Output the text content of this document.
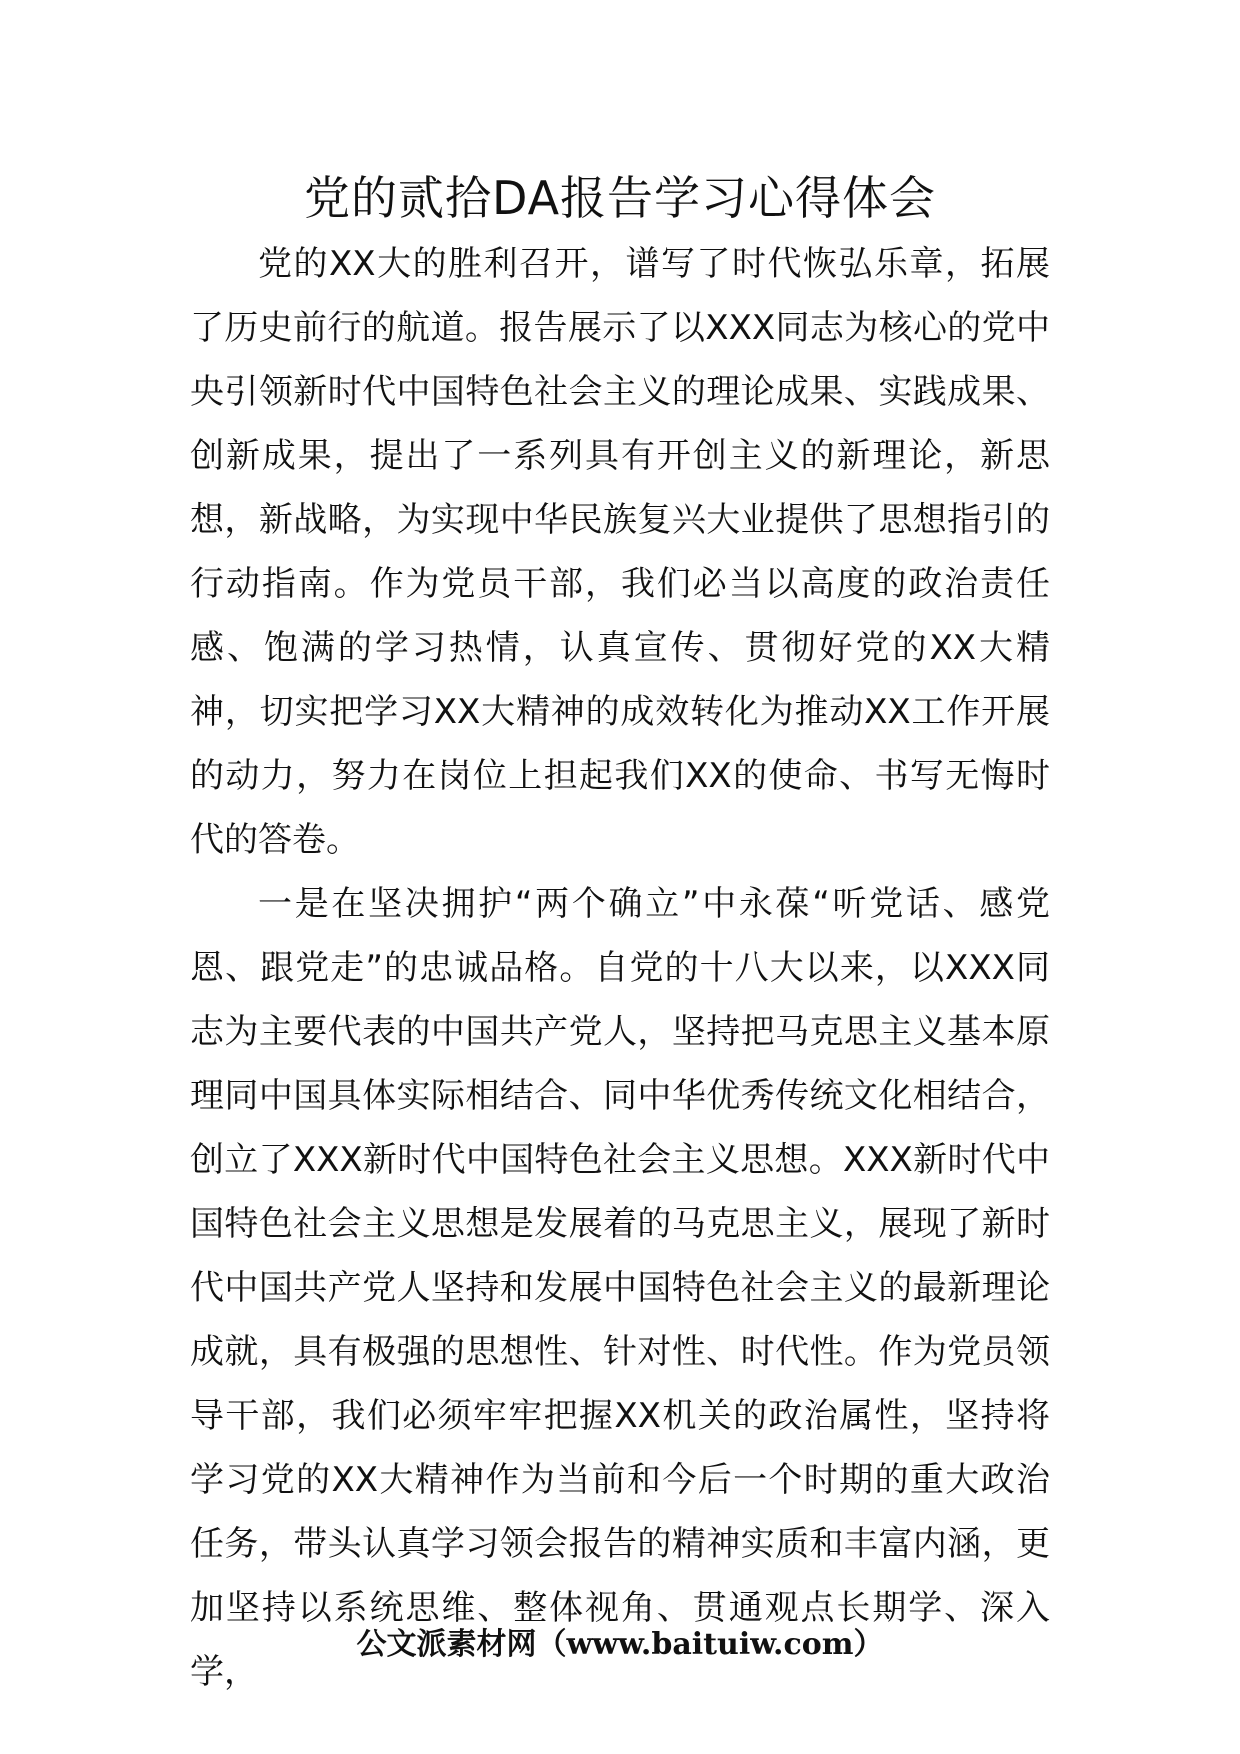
党的贰拾DA报告学习心得体会

党的XX大的胜利召开，谱写了时代恢弘乐章，拓展了历史前行的航道。报告展示了以XXX同志为核心的党中央引领新时代中国特色社会主义的理论成果、实践成果、创新成果，提出了一系列具有开创主义的新理论，新思想，新战略，为实现中华民族复兴大业提供了思想指引的行动指南。作为党员干部，我们必当以高度的政治责任感、饱满的学习热情，认真宣传、贯彻好党的XX大精神，切实把学习XX大精神的成效转化为推动XX工作开展的动力，努力在岗位上担起我们XX的使命、书写无悔时代的答卷。

一是在坚决拥护“两个确立”中永葆“听党话、感党恩、跟党走”的忠诚品格。自党的十八大以来，以XXX同志为主要代表的中国共产党人，坚持把马克思主义基本原理同中国具体实际相结合、同中华优秀传统文化相结合，创立了XXX新时代中国特色社会主义思想。XXX新时代中国特色社会主义思想是发展着的马克思主义，展现了新时代中国共产党人坚持和发展中国特色社会主义的最新理论成就，具有极强的思想性、针对性、时代性。作为党员领导干部，我们必须牢牢把握XX机关的政治属性，坚持将学习党的XX大精神作为当前和今后一个时期的重大政治任务，带头认真学习领会报告的精神实质和丰富内涵，更加坚持以系统思维、整体视角、贯通观点长期学、深入学，

公文派素材网（www.baituiw.com）
